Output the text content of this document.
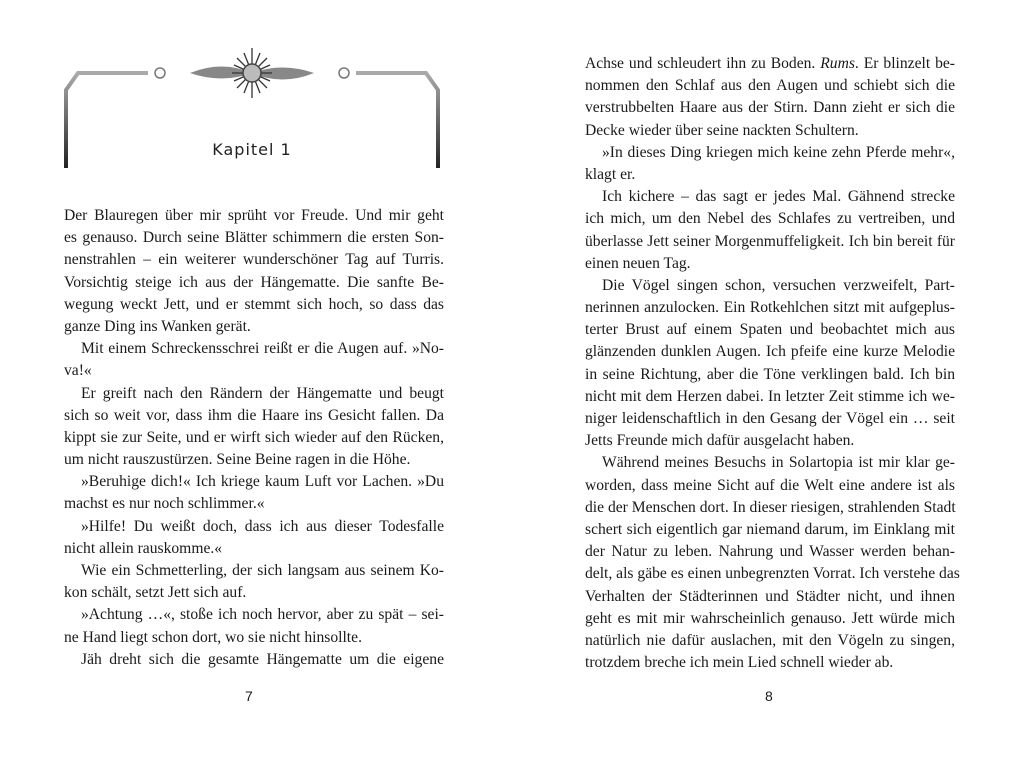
Kapitel 1
Der Blauregen über mir sprüht vor Freude. Und mir geht
es genauso. Durch seine Blätter schimmern die ersten Son-
nenstrahlen – ein weiterer wunderschöner Tag auf Turris.
Vorsichtig steige ich aus der Hängematte. Die sanfte Be-
wegung weckt Jett, und er stemmt sich hoch, so dass das
ganze Ding ins Wanken gerät.
Mit einem Schreckensschrei reißt er die Augen auf. »No-
va!«
Er greift nach den Rändern der Hängematte und beugt
sich so weit vor, dass ihm die Haare ins Gesicht fallen. Da
kippt sie zur Seite, und er wirft sich wieder auf den Rücken,
um nicht rauszustürzen. Seine Beine ragen in die Höhe.
»Beruhige dich!« Ich kriege kaum Luft vor Lachen. »Du
machst es nur noch schlimmer.«
»Hilfe! Du weißt doch, dass ich aus dieser Todesfalle
nicht allein rauskomme.«
Wie ein Schmetterling, der sich langsam aus seinem Ko-
kon schält, setzt Jett sich auf.
»Achtung …«, stoße ich noch hervor, aber zu spät – sei-
ne Hand liegt schon dort, wo sie nicht hinsollte.
Jäh dreht sich die gesamte Hängematte um die eigene
7
Achse und schleudert ihn zu Boden. Rums. Er blinzelt be-
nommen den Schlaf aus den Augen und schiebt sich die
verstrubbelten Haare aus der Stirn. Dann zieht er sich die
Decke wieder über seine nackten Schultern.
»In dieses Ding kriegen mich keine zehn Pferde mehr«,
klagt er.
Ich kichere – das sagt er jedes Mal. Gähnend strecke
ich mich, um den Nebel des Schlafes zu vertreiben, und
überlasse Jett seiner Morgenmuffeligkeit. Ich bin bereit für
einen neuen Tag.
Die Vögel singen schon, versuchen verzweifelt, Part-
nerinnen anzulocken. Ein Rotkehlchen sitzt mit aufgeplus-
terter Brust auf einem Spaten und beobachtet mich aus
glänzenden dunklen Augen. Ich pfeife eine kurze Melodie
in seine Richtung, aber die Töne verklingen bald. Ich bin
nicht mit dem Herzen dabei. In letzter Zeit stimme ich we-
niger leidenschaftlich in den Gesang der Vögel ein … seit
Jetts Freunde mich dafür ausgelacht haben.
Während meines Besuchs in Solartopia ist mir klar ge-
worden, dass meine Sicht auf die Welt eine andere ist als
die der Menschen dort. In dieser riesigen, strahlenden Stadt
schert sich eigentlich gar niemand darum, im Einklang mit
der Natur zu leben. Nahrung und Wasser werden behan-
delt, als gäbe es einen unbegrenzten Vorrat. Ich verstehe das
Verhalten der Städterinnen und Städter nicht, und ihnen
geht es mit mir wahrscheinlich genauso. Jett würde mich
natürlich nie dafür auslachen, mit den Vögeln zu singen,
trotzdem breche ich mein Lied schnell wieder ab.
8
